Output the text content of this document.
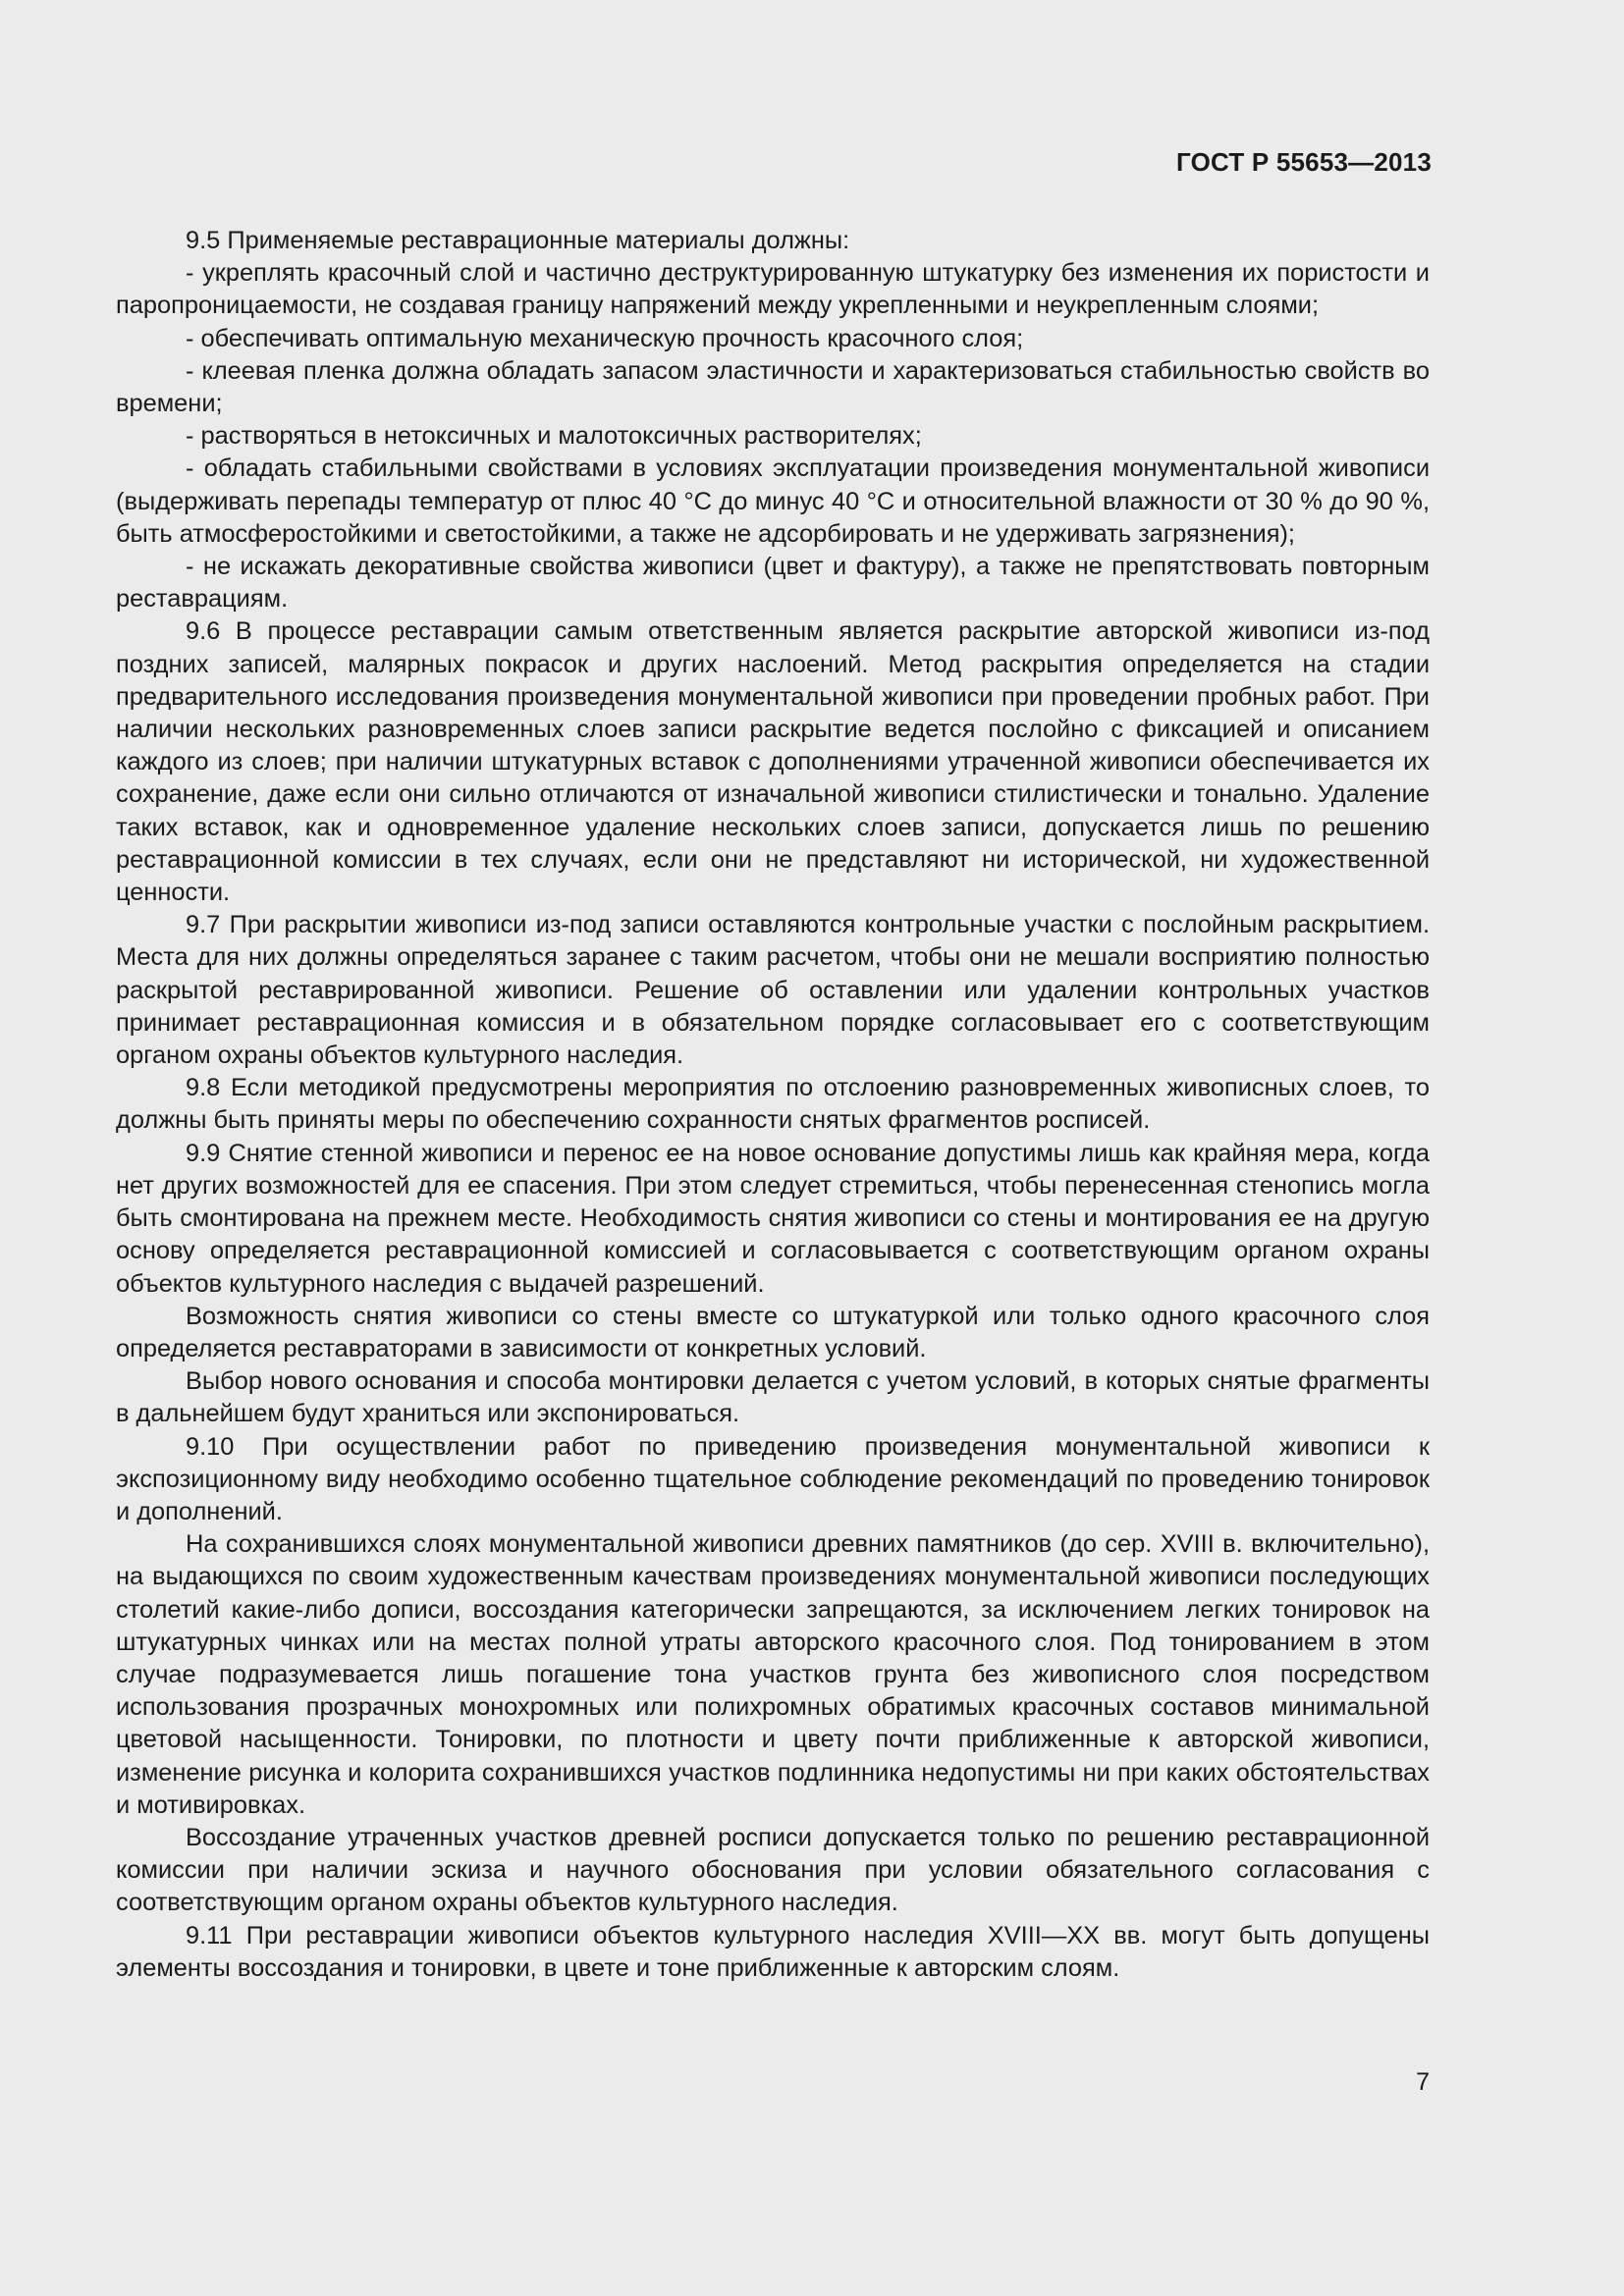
ГОСТ Р 55653—2013

9.5 Применяемые реставрационные материалы должны:

- укреплять красочный слой и частично деструктурированную штукатурку без изменения их пористости и паропроницаемости, не создавая границу напряжений между укрепленными и неукрепленным слоями;

- обеспечивать оптимальную механическую прочность красочного слоя;

- клеевая пленка должна обладать запасом эластичности и характеризоваться стабильностью свойств во времени;

- растворяться в нетоксичных и малотоксичных растворителях;

- обладать стабильными свойствами в условиях эксплуатации произведения монументальной живописи (выдерживать перепады температур от плюс 40 °С до минус 40 °С и относительной влажности от 30 % до 90 %, быть атмосферостойкими и светостойкими, а также не адсорбировать и не удерживать загрязнения);

- не искажать декоративные свойства живописи (цвет и фактуру), а также не препятствовать повторным реставрациям.

9.6 В процессе реставрации самым ответственным является раскрытие авторской живописи из-под поздних записей, малярных покрасок и других наслоений. Метод раскрытия определяется на стадии предварительного исследования произведения монументальной живописи при проведении пробных работ. При наличии нескольких разновременных слоев записи раскрытие ведется послойно с фиксацией и описанием каждого из слоев; при наличии штукатурных вставок с дополнениями утраченной живописи обеспечивается их сохранение, даже если они сильно отличаются от изначальной живописи стилистически и тонально. Удаление таких вставок, как и одновременное удаление нескольких слоев записи, допускается лишь по решению реставрационной комиссии в тех случаях, если они не представляют ни исторической, ни художественной ценности.

9.7 При раскрытии живописи из-под записи оставляются контрольные участки с послойным раскрытием. Места для них должны определяться заранее с таким расчетом, чтобы они не мешали восприятию полностью раскрытой реставрированной живописи. Решение об оставлении или удалении контрольных участков принимает реставрационная комиссия и в обязательном порядке согласовывает его с соответствующим органом охраны объектов культурного наследия.

9.8 Если методикой предусмотрены мероприятия по отслоению разновременных живописных слоев, то должны быть приняты меры по обеспечению сохранности снятых фрагментов росписей.

9.9 Снятие стенной живописи и перенос ее на новое основание допустимы лишь как крайняя мера, когда нет других возможностей для ее спасения. При этом следует стремиться, чтобы перенесенная стенопись могла быть смонтирована на прежнем месте. Необходимость снятия живописи со стены и монтирования ее на другую основу определяется реставрационной комиссией и согласовывается с соответствующим органом охраны объектов культурного наследия с выдачей разрешений.

Возможность снятия живописи со стены вместе со штукатуркой или только одного красочного слоя определяется реставраторами в зависимости от конкретных условий.

Выбор нового основания и способа монтировки делается с учетом условий, в которых снятые фрагменты в дальнейшем будут храниться или экспонироваться.

9.10 При осуществлении работ по приведению произведения монументальной живописи к экспозиционному виду необходимо особенно тщательное соблюдение рекомендаций по проведению тонировок и дополнений.

На сохранившихся слоях монументальной живописи древних памятников (до сер. XVIII в. включительно), на выдающихся по своим художественным качествам произведениях монументальной живописи последующих столетий какие-либо дописи, воссоздания категорически запрещаются, за исключением легких тонировок на штукатурных чинках или на местах полной утраты авторского красочного слоя. Под тонированием в этом случае подразумевается лишь погашение тона участков грунта без живописного слоя посредством использования прозрачных монохромных или полихромных обратимых красочных составов минимальной цветовой насыщенности. Тонировки, по плотности и цвету почти приближенные к авторской живописи, изменение рисунка и колорита сохранившихся участков подлинника недопустимы ни при каких обстоятельствах и мотивировках.

Воссоздание утраченных участков древней росписи допускается только по решению реставрационной комиссии при наличии эскиза и научного обоснования при условии обязательного согласования с соответствующим органом охраны объектов культурного наследия.

9.11 При реставрации живописи объектов культурного наследия XVIII—XX вв. могут быть допущены элементы воссоздания и тонировки, в цвете и тоне приближенные к авторским слоям.

7
